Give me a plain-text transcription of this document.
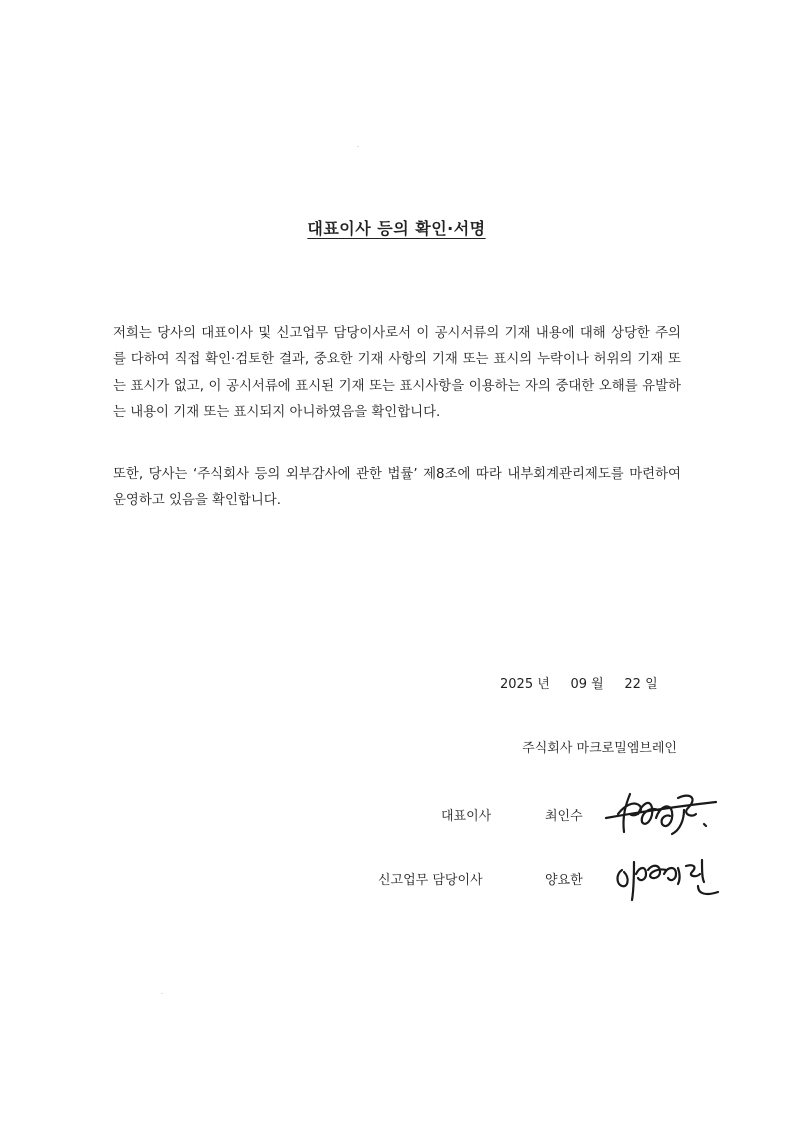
대표이사 등의 확인·서명

저희는 당사의 대표이사 및 신고업무 담당이사로서 이 공시서류의 기재 내용에 대해 상당한 주의를 다하여 직접 확인·검토한 결과, 중요한 기재 사항의 기재 또는 표시의 누락이나 허위의 기재 또는 표시가 없고, 이 공시서류에 표시된 기재 또는 표시사항을 이용하는 자의 중대한 오해를 유발하는 내용이 기재 또는 표시되지 아니하였음을 확인합니다.

또한, 당사는 ‘주식회사 등의 외부감사에 관한 법률’ 제8조에 따라 내부회계관리제도를 마련하여 운영하고 있음을 확인합니다.

2025 년 09 월 22 일
주식회사 마크로밀엠브레인
대표이사	최인수
신고업무 담당이사	양요한
